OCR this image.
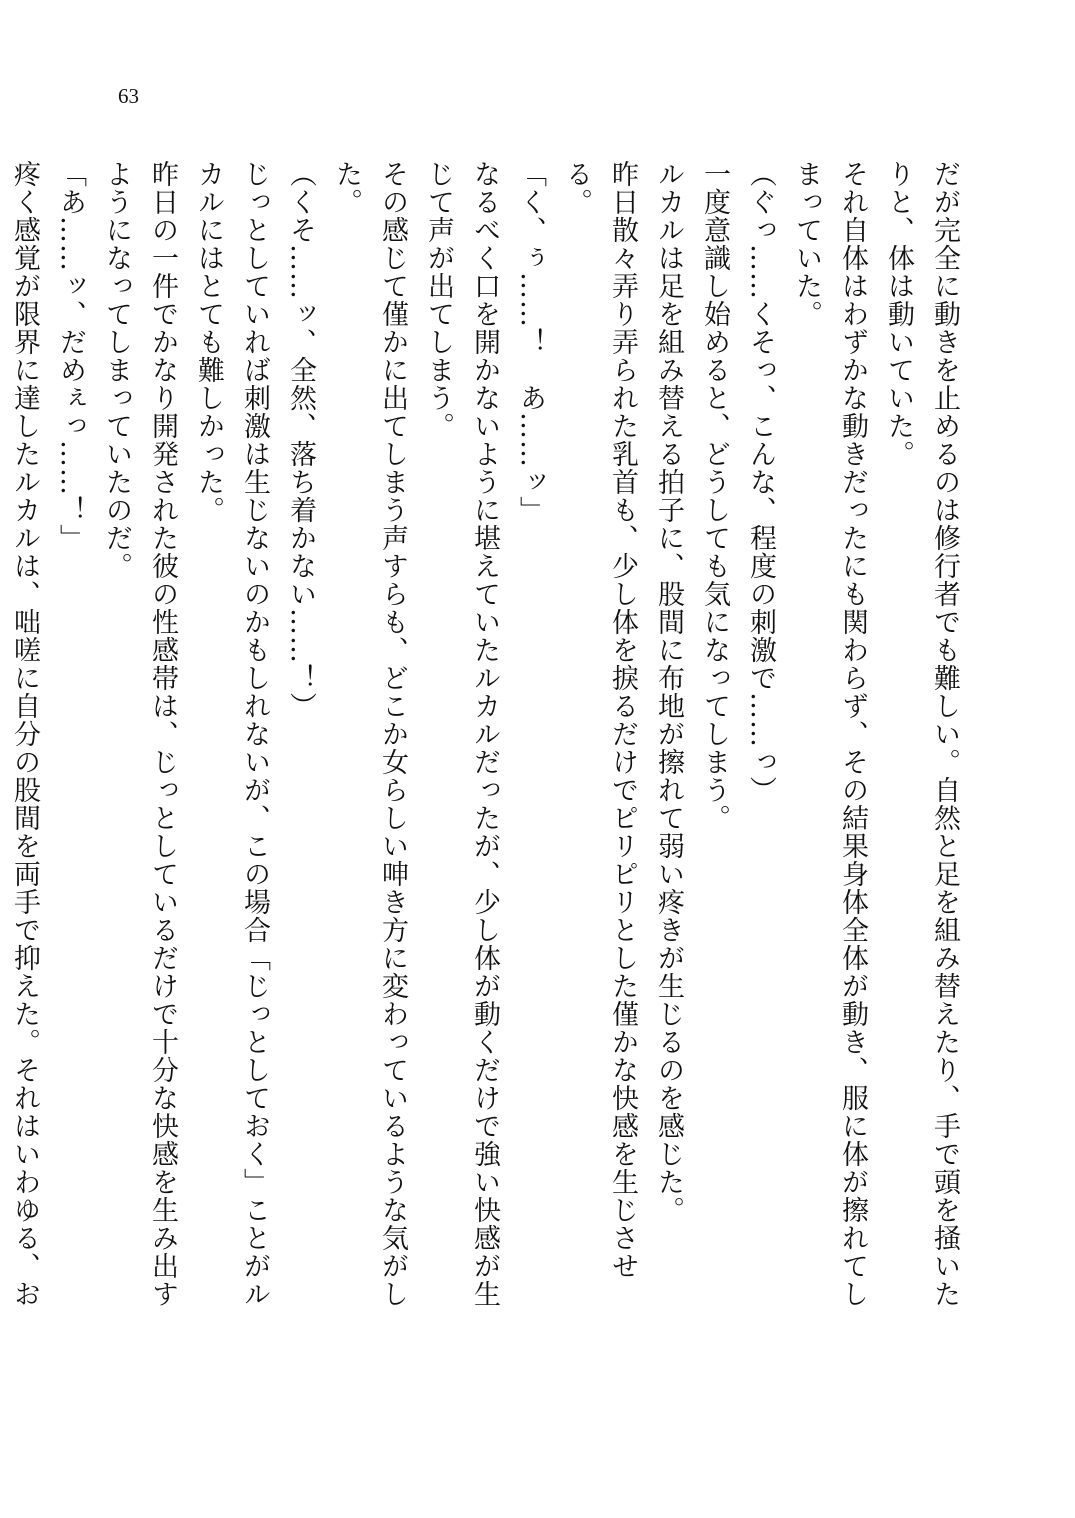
63

だが完全に動きを止めるのは修行者でも難しい。自然と足を組み替えたり、手で頭を掻いたりと、体は動いていた。

それ自体はわずかな動きだったにも関わらず、その結果身体全体が動き、服に体が擦れてしまっていた。

（ぐっ……くそっ、こんな、程度の刺激で……っ）

一度意識し始めると、どうしても気になってしまう。

ルカルは足を組み替える拍子に、股間に布地が擦れて弱い疼きが生じるのを感じた。

昨日散々弄り弄られた乳首も、少し体を捩るだけでピリピリとした僅かな快感を生じさせる。

「く、ぅ……！　あ……ッ」

なるべく口を開かないように堪えていたルカルだったが、少し体が動くだけで強い快感が生じて声が出てしまう。

その感じて僅かに出てしまう声すらも、どこか女らしい呻き方に変わっているような気がした。

（くそ……ッ、全然、落ち着かない……！）

じっとしていれば刺激は生じないのかもしれないが、この場合「じっとしておく」ことがルカルにはとても難しかった。

昨日の一件でかなり開発された彼の性感帯は、じっとしているだけで十分な快感を生み出すようになってしまっていたのだ。

「あ……ッ、だめぇっ……！」

疼く感覚が限界に達したルカルは、咄嗟に自分の股間を両手で抑えた。それはいわゆる、お
